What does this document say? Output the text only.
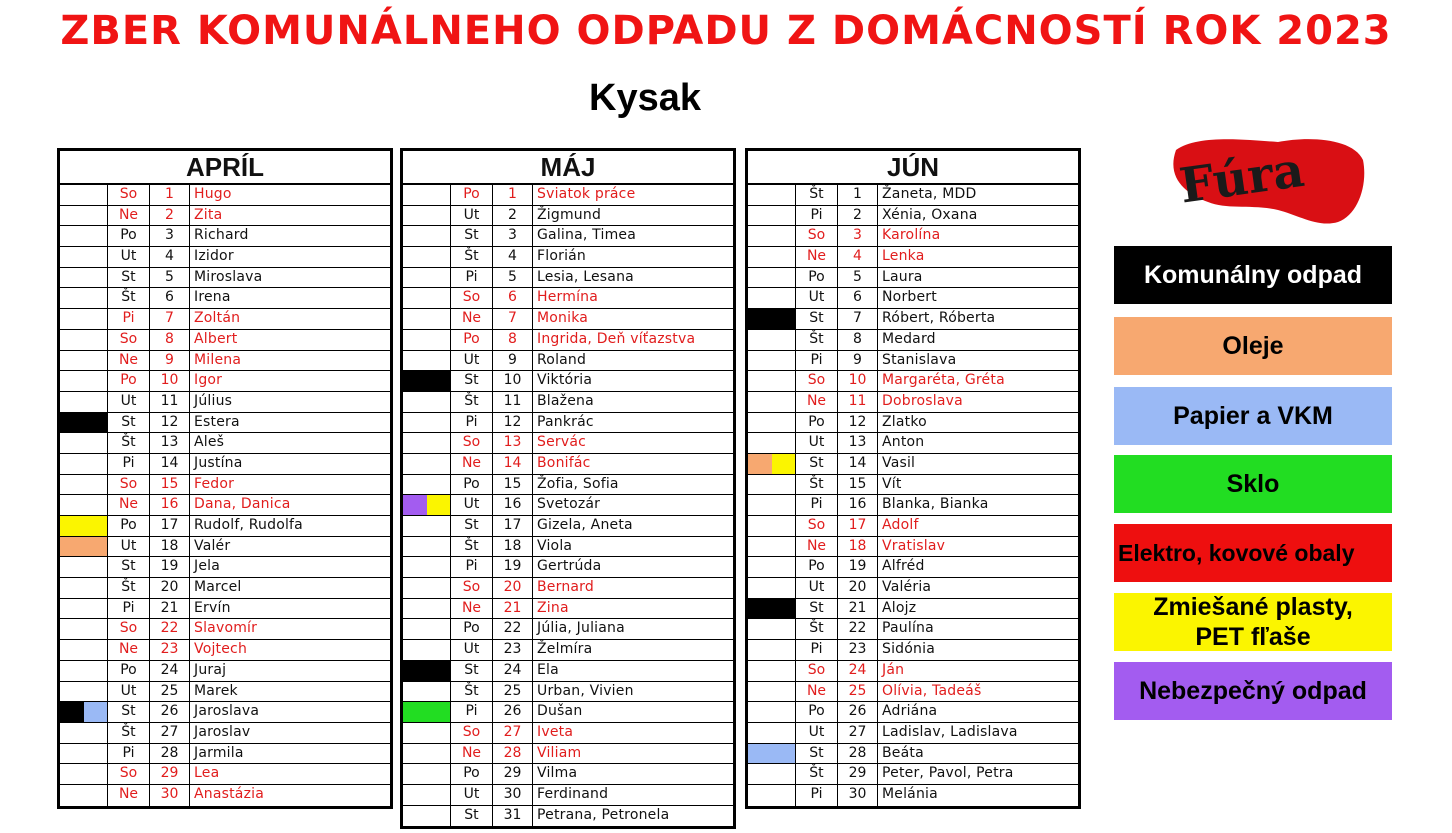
ZBER KOMUNÁLNEHO ODPADU Z DOMÁCNOSTÍ ROK 2023
Kysak
APRÍL
So	1	Hugo
Ne	2	Zita
Po	3	Richard
Ut	4	Izidor
St	5	Miroslava
Št	6	Irena
Pi	7	Zoltán
So	8	Albert
Ne	9	Milena
Po	10	Igor
Ut	11	Július
St	12	Estera
Št	13	Aleš
Pi	14	Justína
So	15	Fedor
Ne	16	Dana, Danica
Po	17	Rudolf, Rudolfa
Ut	18	Valér
St	19	Jela
Št	20	Marcel
Pi	21	Ervín
So	22	Slavomír
Ne	23	Vojtech
Po	24	Juraj
Ut	25	Marek
St	26	Jaroslava
Št	27	Jaroslav
Pi	28	Jarmila
So	29	Lea
Ne	30	Anastázia
MÁJ
Po	1	Sviatok práce
Ut	2	Žigmund
St	3	Galina, Timea
Št	4	Florián
Pi	5	Lesia, Lesana
So	6	Hermína
Ne	7	Monika
Po	8	Ingrida, Deň víťazstva
Ut	9	Roland
St	10	Viktória
Št	11	Blažena
Pi	12	Pankrác
So	13	Servác
Ne	14	Bonifác
Po	15	Žofia, Sofia
Ut	16	Svetozár
St	17	Gizela, Aneta
Št	18	Viola
Pi	19	Gertrúda
So	20	Bernard
Ne	21	Zina
Po	22	Júlia, Juliana
Ut	23	Želmíra
St	24	Ela
Št	25	Urban, Vivien
Pi	26	Dušan
So	27	Iveta
Ne	28	Viliam
Po	29	Vilma
Ut	30	Ferdinand
St	31	Petrana, Petronela
JÚN
Št	1	Žaneta, MDD
Pi	2	Xénia, Oxana
So	3	Karolína
Ne	4	Lenka
Po	5	Laura
Ut	6	Norbert
St	7	Róbert, Róberta
Št	8	Medard
Pi	9	Stanislava
So	10	Margaréta, Gréta
Ne	11	Dobroslava
Po	12	Zlatko
Ut	13	Anton
St	14	Vasil
Št	15	Vít
Pi	16	Blanka, Bianka
So	17	Adolf
Ne	18	Vratislav
Po	19	Alfréd
Ut	20	Valéria
St	21	Alojz
Št	22	Paulína
Pi	23	Sidónia
So	24	Ján
Ne	25	Olívia, Tadeáš
Po	26	Adriána
Ut	27	Ladislav, Ladislava
St	28	Beáta
Št	29	Peter, Pavol, Petra
Pi	30	Melánia
Fúra
Komunálny odpad
Oleje
Papier a VKM
Sklo
Elektro, kovové obaly
Zmiešané plasty, PET fľaše
Nebezpečný odpad
